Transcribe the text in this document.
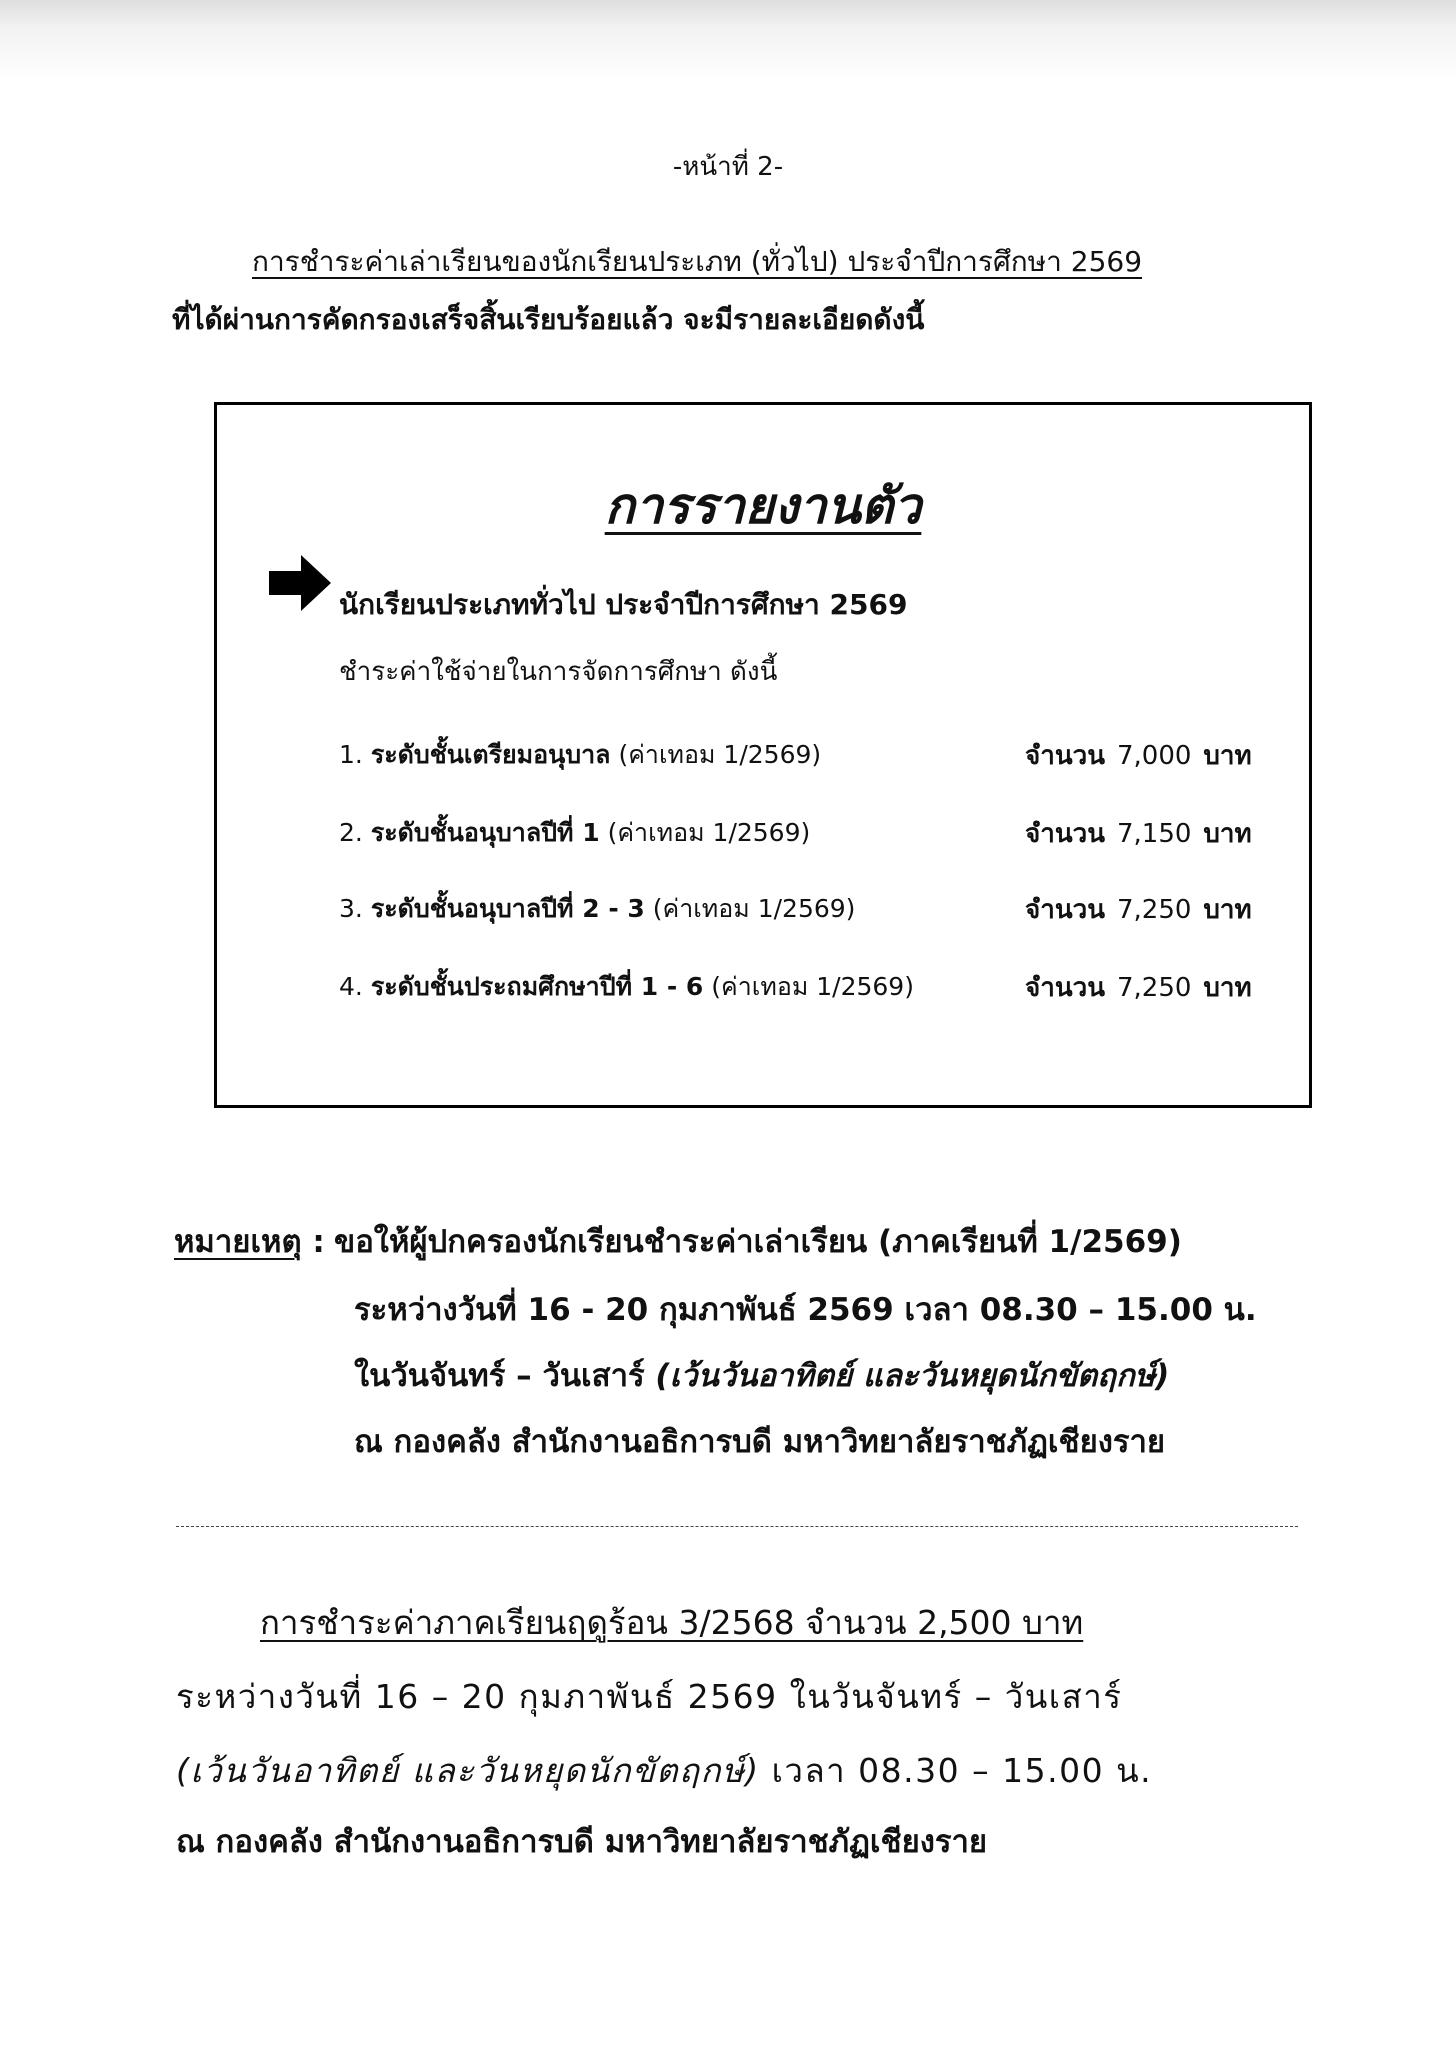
-หน้าที่ 2-
การชำระค่าเล่าเรียนของนักเรียนประเภท (ทั่วไป) ประจำปีการศึกษา 2569
ที่ได้ผ่านการคัดกรองเสร็จสิ้นเรียบร้อยแล้ว จะมีรายละเอียดดังนี้
การรายงานตัว
นักเรียนประเภททั่วไป ประจำปีการศึกษา 2569
ชำระค่าใช้จ่ายในการจัดการศึกษา ดังนี้
1. ระดับชั้นเตรียมอนุบาล (ค่าเทอม 1/2569)	จำนวน 7,000 บาท
2. ระดับชั้นอนุบาลปีที่ 1 (ค่าเทอม 1/2569)	จำนวน 7,150 บาท
3. ระดับชั้นอนุบาลปีที่ 2 - 3 (ค่าเทอม 1/2569)	จำนวน 7,250 บาท
4. ระดับชั้นประถมศึกษาปีที่ 1 - 6 (ค่าเทอม 1/2569)	จำนวน 7,250 บาท
หมายเหตุ : ขอให้ผู้ปกครองนักเรียนชำระค่าเล่าเรียน (ภาคเรียนที่ 1/2569)
ระหว่างวันที่ 16 - 20 กุมภาพันธ์ 2569 เวลา 08.30 – 15.00 น.
ในวันจันทร์ – วันเสาร์ (เว้นวันอาทิตย์ และวันหยุดนักขัตฤกษ์)
ณ กองคลัง สำนักงานอธิการบดี มหาวิทยาลัยราชภัฏเชียงราย
การชำระค่าภาคเรียนฤดูร้อน 3/2568 จำนวน 2,500 บาท
ระหว่างวันที่ 16 – 20 กุมภาพันธ์ 2569 ในวันจันทร์ – วันเสาร์
(เว้นวันอาทิตย์ และวันหยุดนักขัตฤกษ์) เวลา 08.30 – 15.00 น.
ณ กองคลัง สำนักงานอธิการบดี มหาวิทยาลัยราชภัฏเชียงราย
